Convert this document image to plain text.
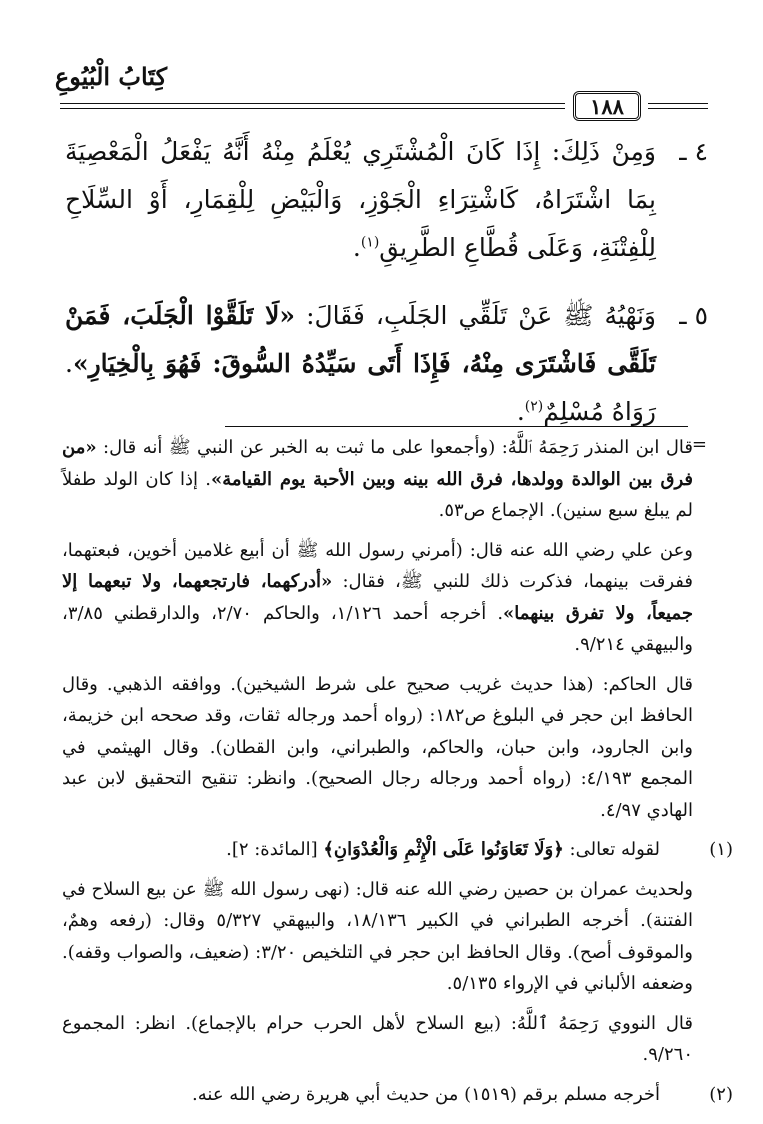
كِتَابُ الْبُيُوعِ
١٨٨
٤ ـ
وَمِنْ ذَلِكَ: إِذَا كَانَ الْمُشْتَرِي يُعْلَمُ مِنْهُ أَنَّهُ يَفْعَلُ الْمَعْصِيَةَ بِمَا اشْتَرَاهُ، كَاشْتِرَاءِ الْجَوْزِ، وَالْبَيْضِ لِلْقِمَارِ، أَوْ السِّلَاحِ لِلْفِتْنَةِ، وَعَلَى قُطَّاعِ الطَّرِيقِ$^{(١)}$.
٥ ـ
وَنَهْيُهُ ﷺ عَنْ تَلَقِّي الجَلَبِ، فَقَالَ: «لَا تَلَقَّوْا الْجَلَبَ، فَمَنْ تَلَقَّى فَاشْتَرَى مِنْهُ، فَإِذَا أَتَى سَيِّدُهُ السُّوقَ: فَهُوَ بِالْخِيَارِ». رَوَاهُ مُسْلِمٌ$^{(٢)}$.
=

قال ابن المنذر رَحِمَهُ ٱللَّهُ: (وأجمعوا على ما ثبت به الخبر عن النبي ﷺ أنه قال: «من فرق بين الوالدة وولدها، فرق الله بينه وبين الأحبة يوم القيامة». إذا كان الولد طفلاً لم يبلغ سبع سنين). الإجماع ص٥٣.

وعن علي رضي الله عنه قال: (أمرني رسول الله ﷺ أن أبيع غلامين أخوين، فبعتهما، ففرقت بينهما، فذكرت ذلك للنبي ﷺ، فقال: «أدركهما، فارتجعهما، ولا تبعهما إلا جميعاً، ولا تفرق بينهما». أخرجه أحمد ١/١٢٦، والحاكم ٢/٧٠، والدارقطني ٣/٨٥، والبيهقي ٩/٢١٤.

قال الحاكم: (هذا حديث غريب صحيح على شرط الشيخين). ووافقه الذهبي. وقال الحافظ ابن حجر في البلوغ ص١٨٢: (رواه أحمد ورجاله ثقات، وقد صححه ابن خزيمة، وابن الجارود، وابن حبان، والحاكم، والطبراني، وابن القطان). وقال الهيثمي في المجمع ٤/١٩٣: (رواه أحمد ورجاله رجال الصحيح). وانظر: تنقيح التحقيق لابن عبد الهادي ٤/٩٧.

(١)
لقوله تعالى: ﴿وَلَا تَعَاوَنُوا عَلَى الْإِثْمِ وَالْعُدْوَانِ﴾ [المائدة: ٢].

ولحديث عمران بن حصين رضي الله عنه قال: (نهى رسول الله ﷺ عن بيع السلاح في الفتنة). أخرجه الطبراني في الكبير ١٨/١٣٦، والبيهقي ٥/٣٢٧ وقال: (رفعه وهمٌ، والموقوف أصح). وقال الحافظ ابن حجر في التلخيص ٣/٢٠: (ضعيف، والصواب وقفه). وضعفه الألباني في الإرواء ٥/١٣٥.

قال النووي رَحِمَهُ ٱللَّهُ: (بيع السلاح لأهل الحرب حرام بالإجماع). انظر: المجموع ٩/٢٦٠.

(٢)
أخرجه مسلم برقم (١٥١٩) من حديث أبي هريرة رضي الله عنه.
